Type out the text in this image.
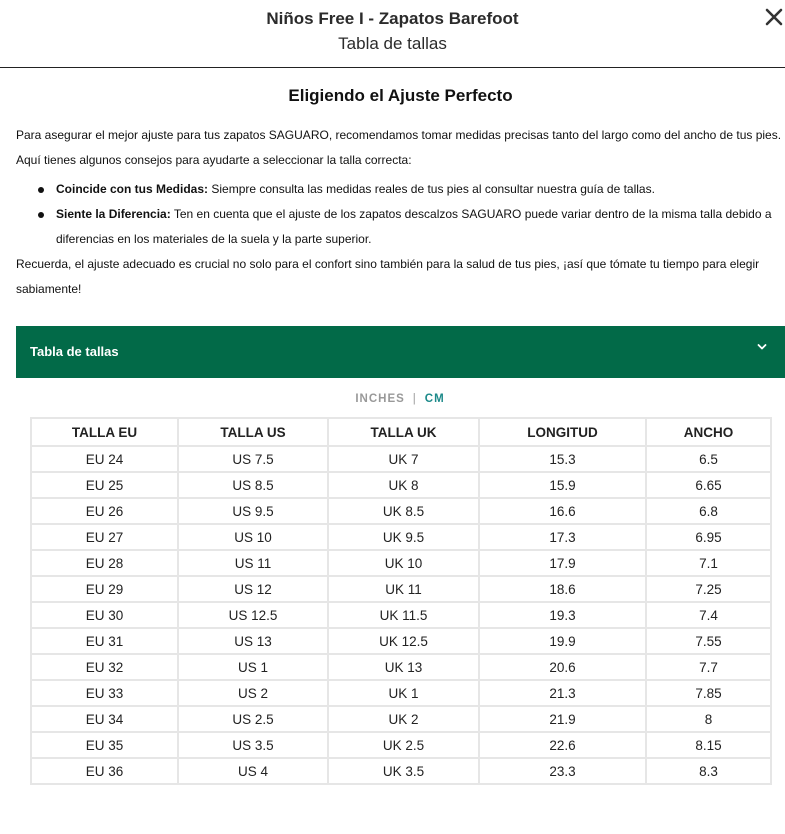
Niños Free I - Zapatos Barefoot
Tabla de tallas
Eligiendo el Ajuste Perfecto

Para asegurar el mejor ajuste para tus zapatos SAGUARO, recomendamos tomar medidas precisas tanto del largo como del ancho de tus pies.
Aquí tienes algunos consejos para ayudarte a seleccionar la talla correcta:

Coincide con tus Medidas: Siempre consulta las medidas reales de tus pies al consultar nuestra guía de tallas.
Siente la Diferencia: Ten en cuenta que el ajuste de los zapatos descalzos SAGUARO puede variar dentro de la misma talla debido a diferencias en los materiales de la suela y la parte superior.

Recuerda, el ajuste adecuado es crucial no solo para el confort sino también para la salud de tus pies, ¡así que tómate tu tiempo para elegir sabiamente!

Tabla de tallas
INCHES | CM
TALLA EU	TALLA US	TALLA UK	LONGITUD	ANCHO
EU 24	US 7.5	UK 7	15.3	6.5
EU 25	US 8.5	UK 8	15.9	6.65
EU 26	US 9.5	UK 8.5	16.6	6.8
EU 27	US 10	UK 9.5	17.3	6.95
EU 28	US 11	UK 10	17.9	7.1
EU 29	US 12	UK 11	18.6	7.25
EU 30	US 12.5	UK 11.5	19.3	7.4
EU 31	US 13	UK 12.5	19.9	7.55
EU 32	US 1	UK 13	20.6	7.7
EU 33	US 2	UK 1	21.3	7.85
EU 34	US 2.5	UK 2	21.9	8
EU 35	US 3.5	UK 2.5	22.6	8.15
EU 36	US 4	UK 3.5	23.3	8.3
